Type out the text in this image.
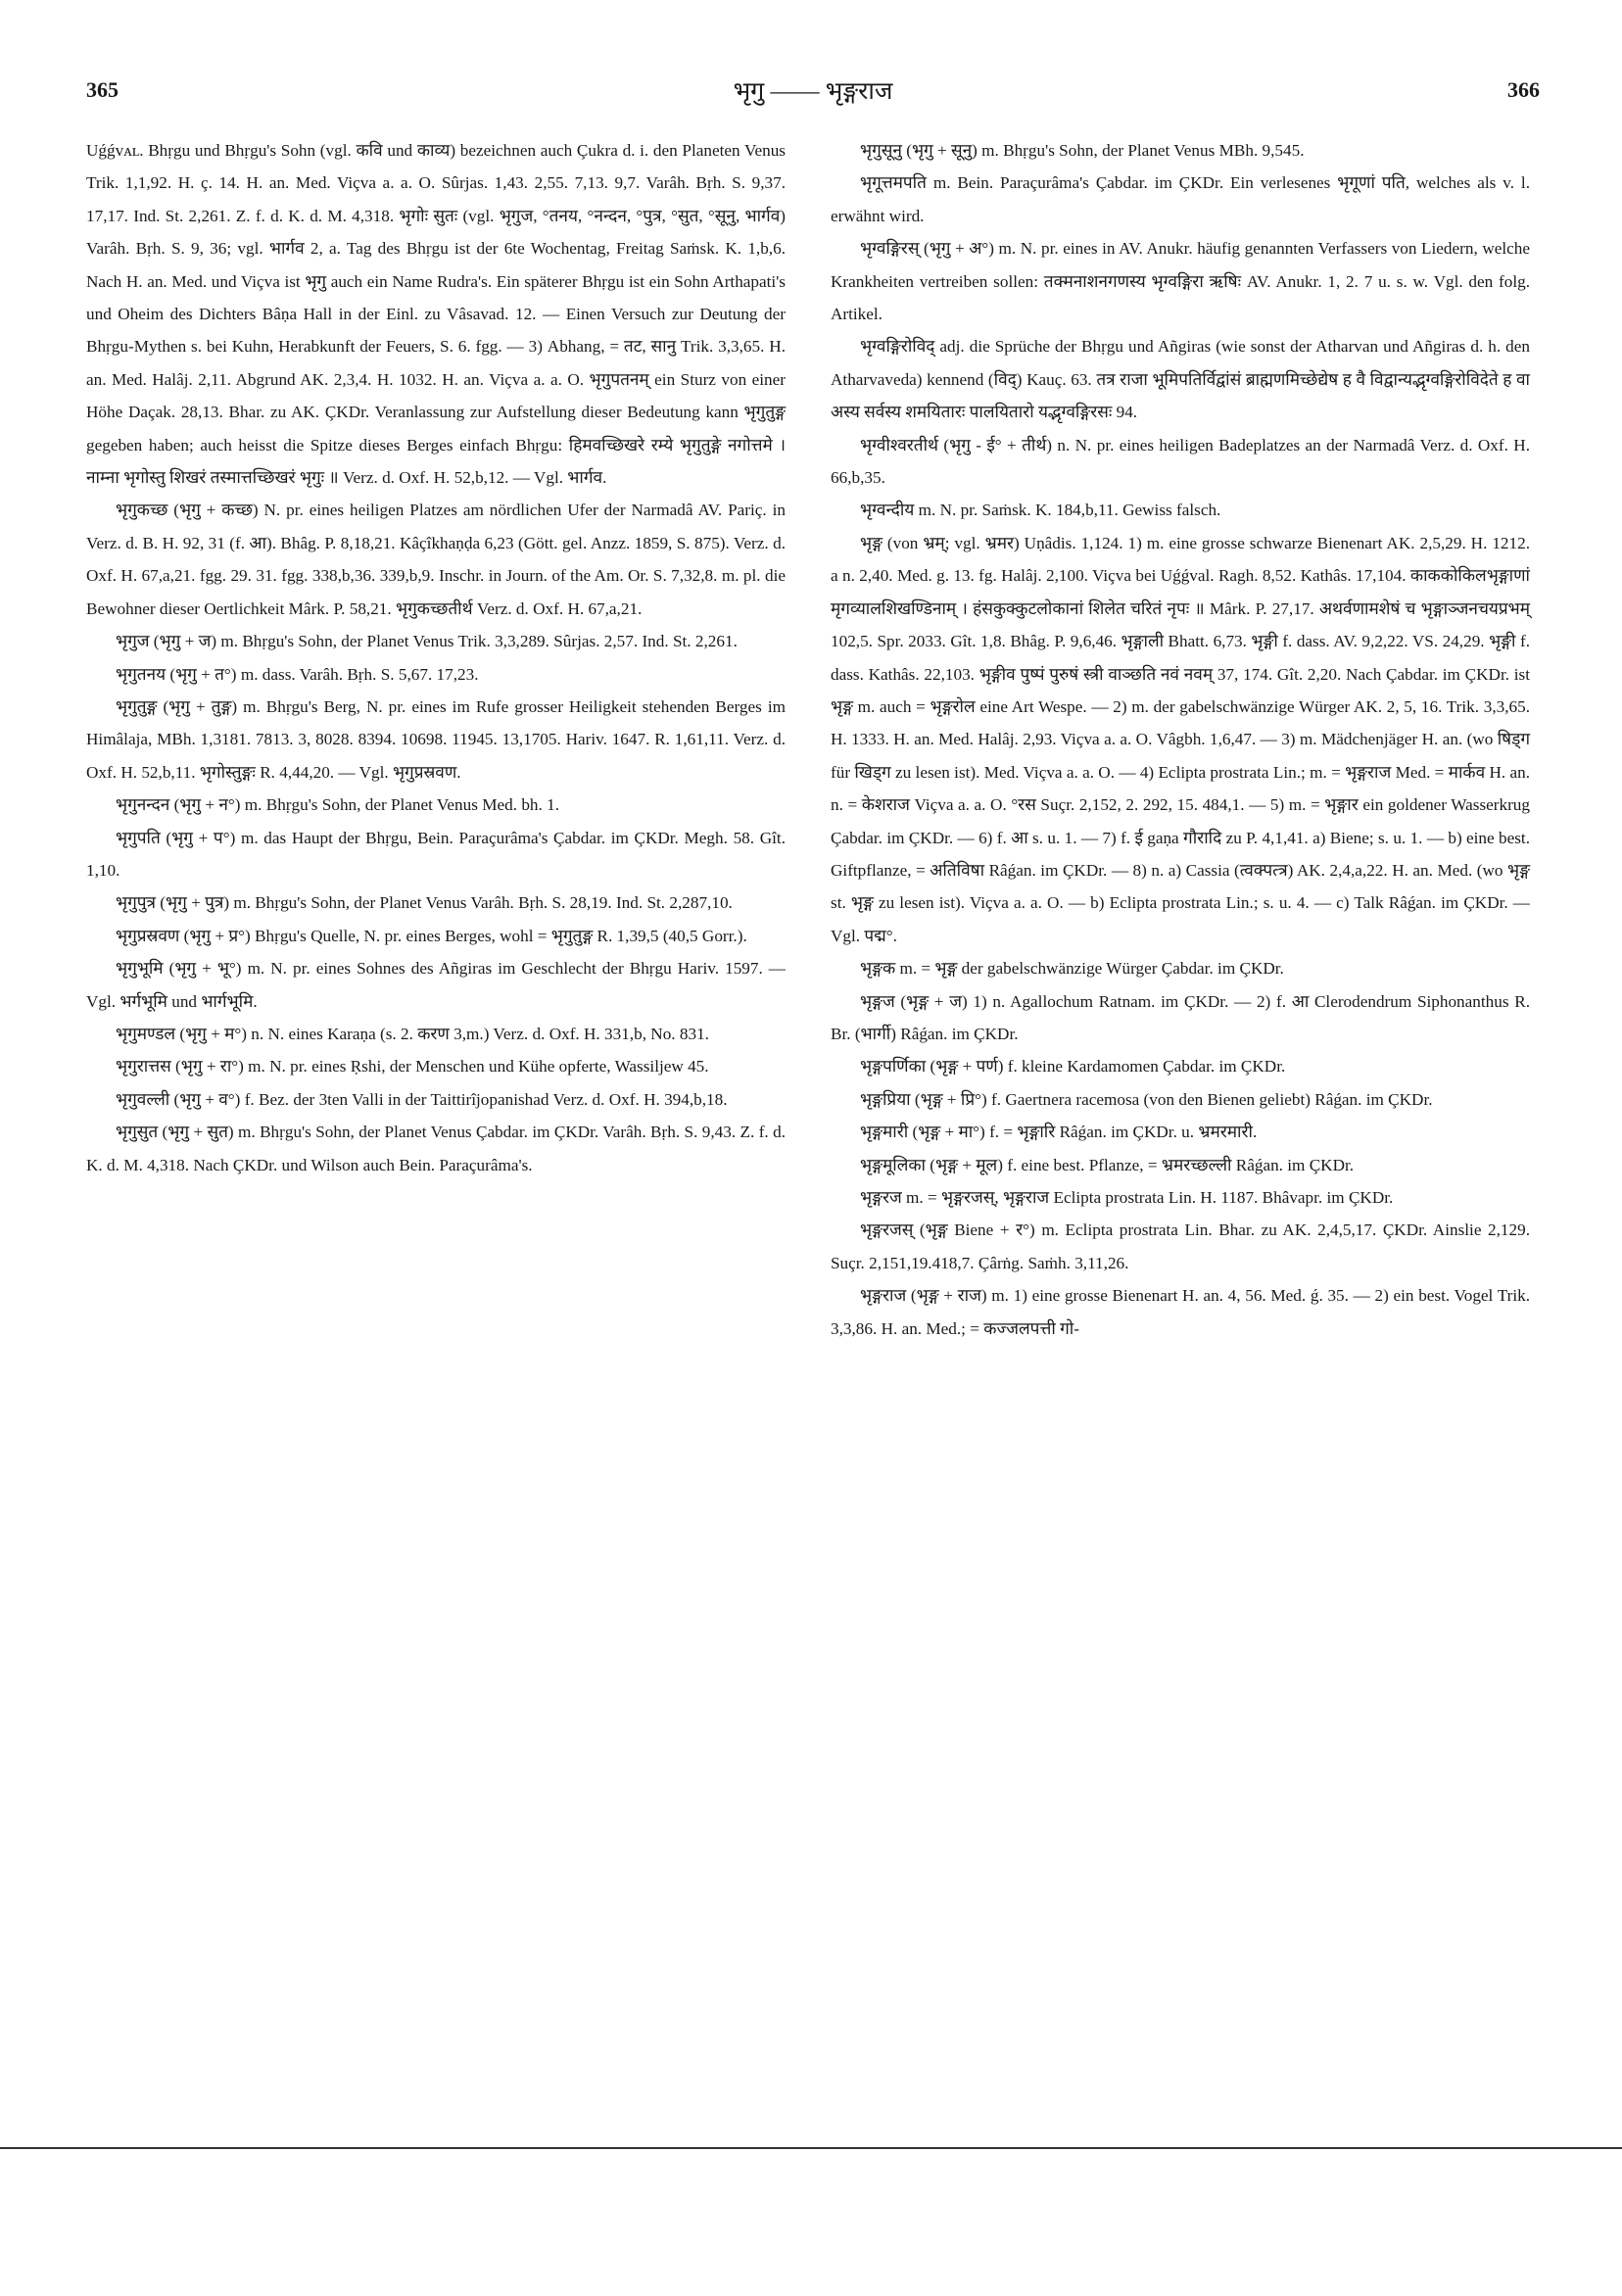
365	भृगु —— भृङ्गराज	366

Uǵǵvᴀʟ. Bhṛgu und Bhṛgu's Sohn (vgl. कवि und काव्य) bezeichnen auch Çukra d. i. den Planeten Venus Trik. 1,1,92. H. ç. 14. H. an. Med. Viçva a. a. O. Sûrjas. 1,43. 2,55. 7,13. 9,7. Varâh. Bṛh. S. 9,37. 17,17. Ind. St. 2,261. Z. f. d. K. d. M. 4,318. भृगोः सुतः (vgl. भृगुज, °तनय, °नन्दन, °पुत्र, °सुत, °सूनु, भार्गव) Varâh. Bṛh. S. 9, 36; vgl. भार्गव 2, a. Tag des Bhṛgu ist der 6te Wochentag, Freitag Saṁsk. K. 1,b,6. Nach H. an. Med. und Viçva ist भृगु auch ein Name Rudra's. Ein späterer Bhṛgu ist ein Sohn Arthapati's und Oheim des Dichters Bâṇa Hall in der Einl. zu Vâsavad. 12. — Einen Versuch zur Deutung der Bhṛgu-Mythen s. bei Kuhn, Herabkunft der Feuers, S. 6. fgg. — 3) Abhang, = तट, सानु Trik. 3,3,65. H. an. Med. Halâj. 2,11. Abgrund AK. 2,3,4. H. 1032. H. an. Viçva a. a. O. भृगुपतनम् ein Sturz von einer Höhe Daçak. 28,13. Bhar. zu AK. ÇKDr. Veranlassung zur Aufstellung dieser Bedeutung kann भृगुतुङ्ग gegeben haben; auch heisst die Spitze dieses Berges einfach Bhṛgu: हिमवच्छिखरे रम्ये भृगुतुङ्गे नगोत्तमे । नाम्ना भृगोस्तु शिखरं तस्मात्तच्छिखरं भृगुः ॥ Verz. d. Oxf. H. 52,b,12. — Vgl. भार्गव.

भृगुकच्छ (भृगु + कच्छ) N. pr. eines heiligen Platzes am nördlichen Ufer der Narmadâ AV. Pariç. in Verz. d. B. H. 92, 31 (f. आ). Bhâg. P. 8,18,21. Kâçîkhaṇḍa 6,23 (Gött. gel. Anzz. 1859, S. 875). Verz. d. Oxf. H. 67,a,21. fgg. 29. 31. fgg. 338,b,36. 339,b,9. Inschr. in Journ. of the Am. Or. S. 7,32,8. m. pl. die Bewohner dieser Oertlichkeit Mârk. P. 58,21. भृगुकच्छतीर्थ Verz. d. Oxf. H. 67,a,21.

भृगुज (भृगु + ज) m. Bhṛgu's Sohn, der Planet Venus Trik. 3,3,289. Sûrjas. 2,57. Ind. St. 2,261.

भृगुतनय (भृगु + त°) m. dass. Varâh. Bṛh. S. 5,67. 17,23.

भृगुतुङ्ग (भृगु + तुङ्ग) m. Bhṛgu's Berg, N. pr. eines im Rufe grosser Heiligkeit stehenden Berges im Himâlaja, MBh. 1,3181. 7813. 3, 8028. 8394. 10698. 11945. 13,1705. Hariv. 1647. R. 1,61,11. Verz. d. Oxf. H. 52,b,11. भृगोस्तुङ्गः R. 4,44,20. — Vgl. भृगुप्रस्रवण.

भृगुनन्दन (भृगु + न°) m. Bhṛgu's Sohn, der Planet Venus Med. bh. 1.

भृगुपति (भृगु + प°) m. das Haupt der Bhṛgu, Bein. Paraçurâma's Çabdar. im ÇKDr. Megh. 58. Gît. 1,10.

भृगुपुत्र (भृगु + पुत्र) m. Bhṛgu's Sohn, der Planet Venus Varâh. Bṛh. S. 28,19. Ind. St. 2,287,10.

भृगुप्रस्रवण (भृगु + प्र°) Bhṛgu's Quelle, N. pr. eines Berges, wohl = भृगुतुङ्ग R. 1,39,5 (40,5 Gorr.).

भृगुभूमि (भृगु + भू°) m. N. pr. eines Sohnes des Añgiras im Geschlecht der Bhṛgu Hariv. 1597. — Vgl. भर्गभूमि und भार्गभूमि.

भृगुमण्डल (भृगु + म°) n. N. eines Karaṇa (s. 2. करण 3,m.) Verz. d. Oxf. H. 331,b, No. 831.

भृगुरात्तस (भृगु + रा°) m. N. pr. eines Ṛshi, der Menschen und Kühe opferte, Wassiljew 45.

भृगुवल्ली (भृगु + व°) f. Bez. der 3ten Valli in der Taittirîjopanishad Verz. d. Oxf. H. 394,b,18.

भृगुसुत (भृगु + सुत) m. Bhṛgu's Sohn, der Planet Venus Çabdar. im ÇKDr. Varâh. Bṛh. S. 9,43. Z. f. d. K. d. M. 4,318. Nach ÇKDr. und Wilson auch Bein. Paraçurâma's.

भृगुसूनु (भृगु + सूनु) m. Bhṛgu's Sohn, der Planet Venus MBh. 9,545.

भृगूत्तमपति m. Bein. Paraçurâma's Çabdar. im ÇKDr. Ein verlesenes भृगूणां पति, welches als v. l. erwähnt wird.

भृग्वङ्गिरस् (भृगु + अ°) m. N. pr. eines in AV. Anukr. häufig genannten Verfassers von Liedern, welche Krankheiten vertreiben sollen: तक्मनाशनगणस्य भृग्वङ्गिरा ऋषिः AV. Anukr. 1, 2. 7 u. s. w. Vgl. den folg. Artikel.

भृग्वङ्गिरोविद् adj. die Sprüche der Bhṛgu und Añgiras (wie sonst der Atharvan und Añgiras d. h. den Atharvaveda) kennend (विद्) Kauç. 63. तत्र राजा भूमिपतिर्विद्वांसं ब्राह्मणमिच्छेद्येष ह वै विद्वान्यद्भृग्वङ्गिरोविदेते ह वा अस्य सर्वस्य शमयितारः पालयितारो यद्भृग्वङ्गिरसः 94.

भृग्वीश्वरतीर्थ (भृगु - ई° + तीर्थ) n. N. pr. eines heiligen Badeplatzes an der Narmadâ Verz. d. Oxf. H. 66,b,35.

भृग्वन्दीय m. N. pr. Saṁsk. K. 184,b,11. Gewiss falsch.

भृङ्ग (von भ्रम्; vgl. भ्रमर) Uṇâdis. 1,124. 1) m. eine grosse schwarze Bienenart AK. 2,5,29. H. 1212. a n. 2,40. Med. g. 13. fg. Halâj. 2,100. Viçva bei Uǵǵval. Ragh. 8,52. Kathâs. 17,104. काककोकिलभृङ्गाणां मृगव्यालशिखण्डिनाम् । हंसकुक्कुटलोकानां शिलेत चरितं नृपः ॥ Mârk. P. 27,17. अथर्वणामशेषं च भृङ्गाञ्जनचयप्रभम् 102,5. Spr. 2033. Gît. 1,8. Bhâg. P. 9,6,46. भृङ्गाली Bhatt. 6,73. भृङ्गी f. dass. AV. 9,2,22. VS. 24,29. भृङ्गी f. dass. Kathâs. 22,103. भृङ्गीव पुष्पं पुरुषं स्त्री वाञ्छति नवं नवम् 37, 174. Gît. 2,20. Nach Çabdar. im ÇKDr. ist भृङ्ग m. auch = भृङ्गरोल eine Art Wespe. — 2) m. der gabelschwänzige Würger AK. 2, 5, 16. Trik. 3,3,65. H. 1333. H. an. Med. Halâj. 2,93. Viçva a. a. O. Vâgbh. 1,6,47. — 3) m. Mädchenjäger H. an. (wo षिड्ग für खिड्ग zu lesen ist). Med. Viçva a. a. O. — 4) Eclipta prostrata Lin.; m. = भृङ्गराज Med. = मार्कव H. an. n. = केशराज Viçva a. a. O. °रस Suçr. 2,152, 2. 292, 15. 484,1. — 5) m. = भृङ्गार ein goldener Wasserkrug Çabdar. im ÇKDr. — 6) f. आ s. u. 1. — 7) f. ई gaṇa गौरादि zu P. 4,1,41. a) Biene; s. u. 1. — b) eine best. Giftpflanze, = अतिविषा Râǵan. im ÇKDr. — 8) n. a) Cassia (त्वक्पत्त्र) AK. 2,4,a,22. H. an. Med. (wo भृङ्ग st. भृङ्ग zu lesen ist). Viçva a. a. O. — b) Eclipta prostrata Lin.; s. u. 4. — c) Talk Râǵan. im ÇKDr. — Vgl. पद्म°.

भृङ्गक m. = भृङ्ग der gabelschwänzige Würger Çabdar. im ÇKDr.

भृङ्गज (भृङ्ग + ज) 1) n. Agallochum Ratnam. im ÇKDr. — 2) f. आ Clerodendrum Siphonanthus R. Br. (भार्गी) Râǵan. im ÇKDr.

भृङ्गपर्णिका (भृङ्ग + पर्ण) f. kleine Kardamomen Çabdar. im ÇKDr.

भृङ्गप्रिया (भृङ्ग + प्रि°) f. Gaertnera racemosa (von den Bienen geliebt) Râǵan. im ÇKDr.

भृङ्गमारी (भृङ्ग + मा°) f. = भृङ्गारि Râǵan. im ÇKDr. u. भ्रमरमारी.

भृङ्गमूलिका (भृङ्ग + मूल) f. eine best. Pflanze, = भ्रमरच्छल्ली Râǵan. im ÇKDr.

भृङ्गरज m. = भृङ्गरजस्, भृङ्गराज Eclipta prostrata Lin. H. 1187. Bhâvapr. im ÇKDr.

भृङ्गरजस् (भृङ्ग Biene + र°) m. Eclipta prostrata Lin. Bhar. zu AK. 2,4,5,17. ÇKDr. Ainslie 2,129. Suçr. 2,151,19.418,7. Çârṅg. Saṁh. 3,11,26.

भृङ्गराज (भृङ्ग + राज) m. 1) eine grosse Bienenart H. an. 4, 56. Med. ǵ. 35. — 2) ein best. Vogel Trik. 3,3,86. H. an. Med.; = कज्जलपत्ती गो-
